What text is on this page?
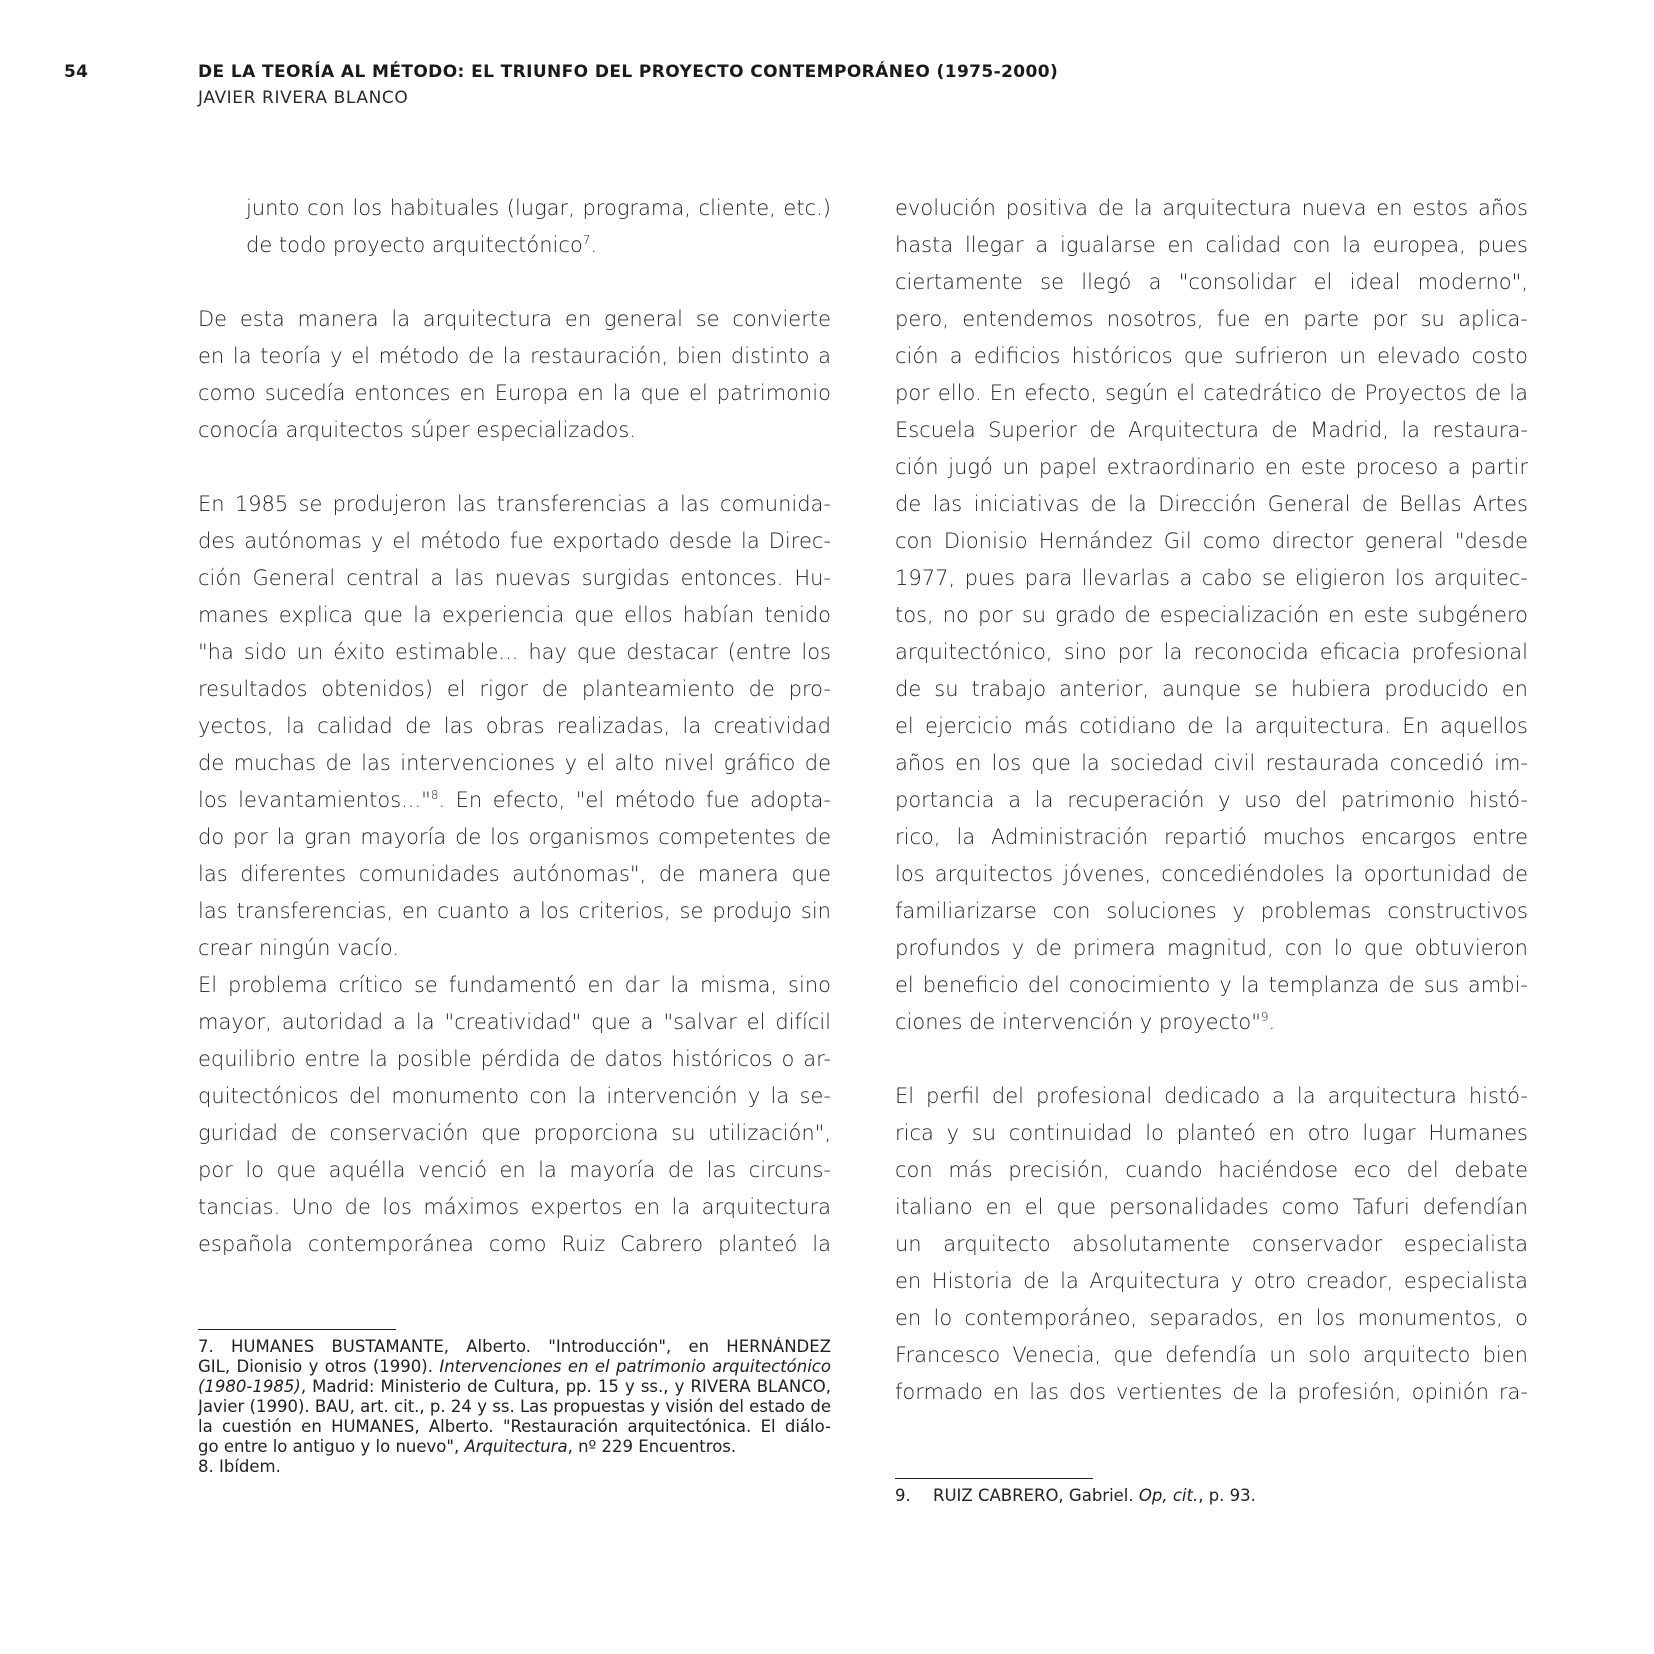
54	DE LA TEORÍA AL MÉTODO: EL TRIUNFO DEL PROYECTO CONTEMPORÁNEO (1975-2000)
JAVIER RIVERA BLANCO
junto con los habituales (lugar, programa, cliente, etc.)
de todo proyecto arquitectónico$^7$.
De esta manera la arquitectura en general se convierte
en la teoría y el método de la restauración, bien distinto a
como sucedía entonces en Europa en la que el patrimonio
conocía arquitectos súper especializados.
En 1985 se produjeron las transferencias a las comunida-
des autónomas y el método fue exportado desde la Direc-
ción General central a las nuevas surgidas entonces. Hu-
manes explica que la experiencia que ellos habían tenido
"ha sido un éxito estimable... hay que destacar (entre los
resultados obtenidos) el rigor de planteamiento de pro-
yectos, la calidad de las obras realizadas, la creatividad
de muchas de las intervenciones y el alto nivel gráfico de
los levantamientos..."$^8$. En efecto, "el método fue adopta-
do por la gran mayoría de los organismos competentes de
las diferentes comunidades autónomas", de manera que
las transferencias, en cuanto a los criterios, se produjo sin
crear ningún vacío.
El problema crítico se fundamentó en dar la misma, sino
mayor, autoridad a la "creatividad" que a "salvar el difícil
equilibrio entre la posible pérdida de datos históricos o ar-
quitectónicos del monumento con la intervención y la se-
guridad de conservación que proporciona su utilización",
por lo que aquélla venció en la mayoría de las circuns-
tancias. Uno de los máximos expertos en la arquitectura
española contemporánea como Ruiz Cabrero planteó la
evolución positiva de la arquitectura nueva en estos años
hasta llegar a igualarse en calidad con la europea, pues
ciertamente se llegó a "consolidar el ideal moderno",
pero, entendemos nosotros, fue en parte por su aplica-
ción a edificios históricos que sufrieron un elevado costo
por ello. En efecto, según el catedrático de Proyectos de la
Escuela Superior de Arquitectura de Madrid, la restaura-
ción jugó un papel extraordinario en este proceso a partir
de las iniciativas de la Dirección General de Bellas Artes
con Dionisio Hernández Gil como director general "desde
1977, pues para llevarlas a cabo se eligieron los arquitec-
tos, no por su grado de especialización en este subgénero
arquitectónico, sino por la reconocida eficacia profesional
de su trabajo anterior, aunque se hubiera producido en
el ejercicio más cotidiano de la arquitectura. En aquellos
años en los que la sociedad civil restaurada concedió im-
portancia a la recuperación y uso del patrimonio histó-
rico, la Administración repartió muchos encargos entre
los arquitectos jóvenes, concediéndoles la oportunidad de
familiarizarse con soluciones y problemas constructivos
profundos y de primera magnitud, con lo que obtuvieron
el beneficio del conocimiento y la templanza de sus ambi-
ciones de intervención y proyecto"$^9$.
El perfil del profesional dedicado a la arquitectura histó-
rica y su continuidad lo planteó en otro lugar Humanes
con más precisión, cuando haciéndose eco del debate
italiano en el que personalidades como Tafuri defendían
un arquitecto absolutamente conservador especialista
en Historia de la Arquitectura y otro creador, especialista
en lo contemporáneo, separados, en los monumentos, o
Francesco Venecia, que defendía un solo arquitecto bien
formado en las dos vertientes de la profesión, opinión ra-
7. HUMANES BUSTAMANTE, Alberto. "Introducción", en HERNÁNDEZ
GIL, Dionisio y otros (1990). Intervenciones en el patrimonio arquitectónico
(1980-1985), Madrid: Ministerio de Cultura, pp. 15 y ss., y RIVERA BLANCO,
Javier (1990). BAU, art. cit., p. 24 y ss. Las propuestas y visión del estado de
la cuestión en HUMANES, Alberto. "Restauración arquitectónica. El diálo-
go entre lo antiguo y lo nuevo", Arquitectura, nº 229 Encuentros.
8. Ibídem.
9. RUIZ CABRERO, Gabriel. Op, cit., p. 93.
